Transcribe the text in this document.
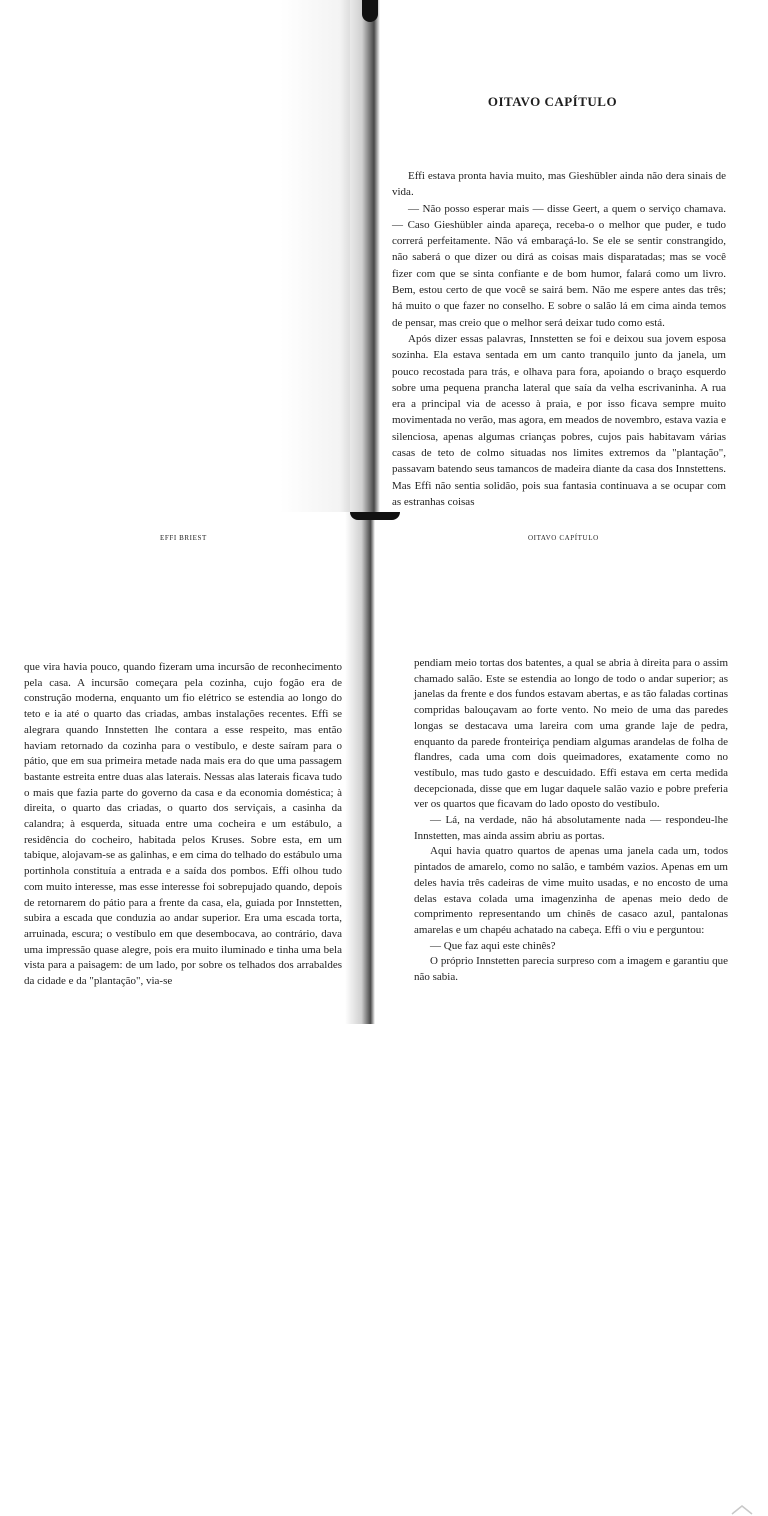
OITAVO CAPÍTULO

Effi estava pronta havia muito, mas Gieshübler ainda não dera sinais de vida.

— Não posso esperar mais — disse Geert, a quem o serviço chamava. — Caso Gieshübler ainda apareça, receba-o o melhor que puder, e tudo correrá perfeitamente. Não vá embaraçá-lo. Se ele se sentir constrangido, não saberá o que dizer ou dirá as coisas mais disparatadas; mas se você fizer com que se sinta confiante e de bom humor, falará como um livro. Bem, estou certo de que você se sairá bem. Não me espere antes das três; há muito o que fazer no conselho. E sobre o salão lá em cima ainda temos de pensar, mas creio que o melhor será deixar tudo como está.

Após dizer essas palavras, Innstetten se foi e deixou sua jovem esposa sozinha. Ela estava sentada em um canto tranquilo junto da janela, um pouco recostada para trás, e olhava para fora, apoiando o braço esquerdo sobre uma pequena prancha lateral que saía da velha escrivaninha. A rua era a principal via de acesso à praia, e por isso ficava sempre muito movimentada no verão, mas agora, em meados de novembro, estava vazia e silenciosa, apenas algumas crianças pobres, cujos pais habitavam várias casas de teto de colmo situadas nos limites extremos da "plantação", passavam batendo seus tamancos de madeira diante da casa dos Innstettens. Mas Effi não sentia solidão, pois sua fantasia continuava a se ocupar com as estranhas coisas

EFFI BRIEST	OITAVO CAPÍTULO

que vira havia pouco, quando fizeram uma incursão de reconhecimento pela casa. A incursão começara pela cozinha, cujo fogão era de construção moderna, enquanto um fio elétrico se estendia ao longo do teto e ia até o quarto das criadas, ambas instalações recentes. Effi se alegrara quando Innstetten lhe contara a esse respeito, mas então haviam retornado da cozinha para o vestíbulo, e deste saíram para o pátio, que em sua primeira metade nada mais era do que uma passagem bastante estreita entre duas alas laterais. Nessas alas laterais ficava tudo o mais que fazia parte do governo da casa e da economia doméstica; à direita, o quarto das criadas, o quarto dos serviçais, a casinha da calandra; à esquerda, situada entre uma cocheira e um estábulo, a residência do cocheiro, habitada pelos Kruses. Sobre esta, em um tabique, alojavam-se as galinhas, e em cima do telhado do estábulo uma portinhola constituía a entrada e a saída dos pombos. Effi olhou tudo com muito interesse, mas esse interesse foi sobrepujado quando, depois de retornarem do pátio para a frente da casa, ela, guiada por Innstetten, subira a escada que conduzia ao andar superior. Era uma escada torta, arruinada, escura; o vestíbulo em que desembocava, ao contrário, dava uma impressão quase alegre, pois era muito iluminado e tinha uma bela vista para a paisagem: de um lado, por sobre os telhados dos arrabaldes da cidade e da "plantação", via-se

pendiam meio tortas dos batentes, a qual se abria à direita para o assim chamado salão. Este se estendia ao longo de todo o andar superior; as janelas da frente e dos fundos estavam abertas, e as tão faladas cortinas compridas balouçavam ao forte vento. No meio de uma das paredes longas se destacava uma lareira com uma grande laje de pedra, enquanto da parede fronteiriça pendiam algumas arandelas de folha de flandres, cada uma com dois queimadores, exatamente como no vestíbulo, mas tudo gasto e descuidado. Effi estava em certa medida decepcionada, disse que em lugar daquele salão vazio e pobre preferia ver os quartos que ficavam do lado oposto do vestíbulo.

— Lá, na verdade, não há absolutamente nada — respondeu-lhe Innstetten, mas ainda assim abriu as portas.

Aqui havia quatro quartos de apenas uma janela cada um, todos pintados de amarelo, como no salão, e também vazios. Apenas em um deles havia três cadeiras de vime muito usadas, e no encosto de uma delas estava colada uma imagenzinha de apenas meio dedo de comprimento representando um chinês de casaco azul, pantalonas amarelas e um chapéu achatado na cabeça. Effi o viu e perguntou:

— Que faz aqui este chinês?

O próprio Innstetten parecia surpreso com a imagem e garantiu que não sabia.
